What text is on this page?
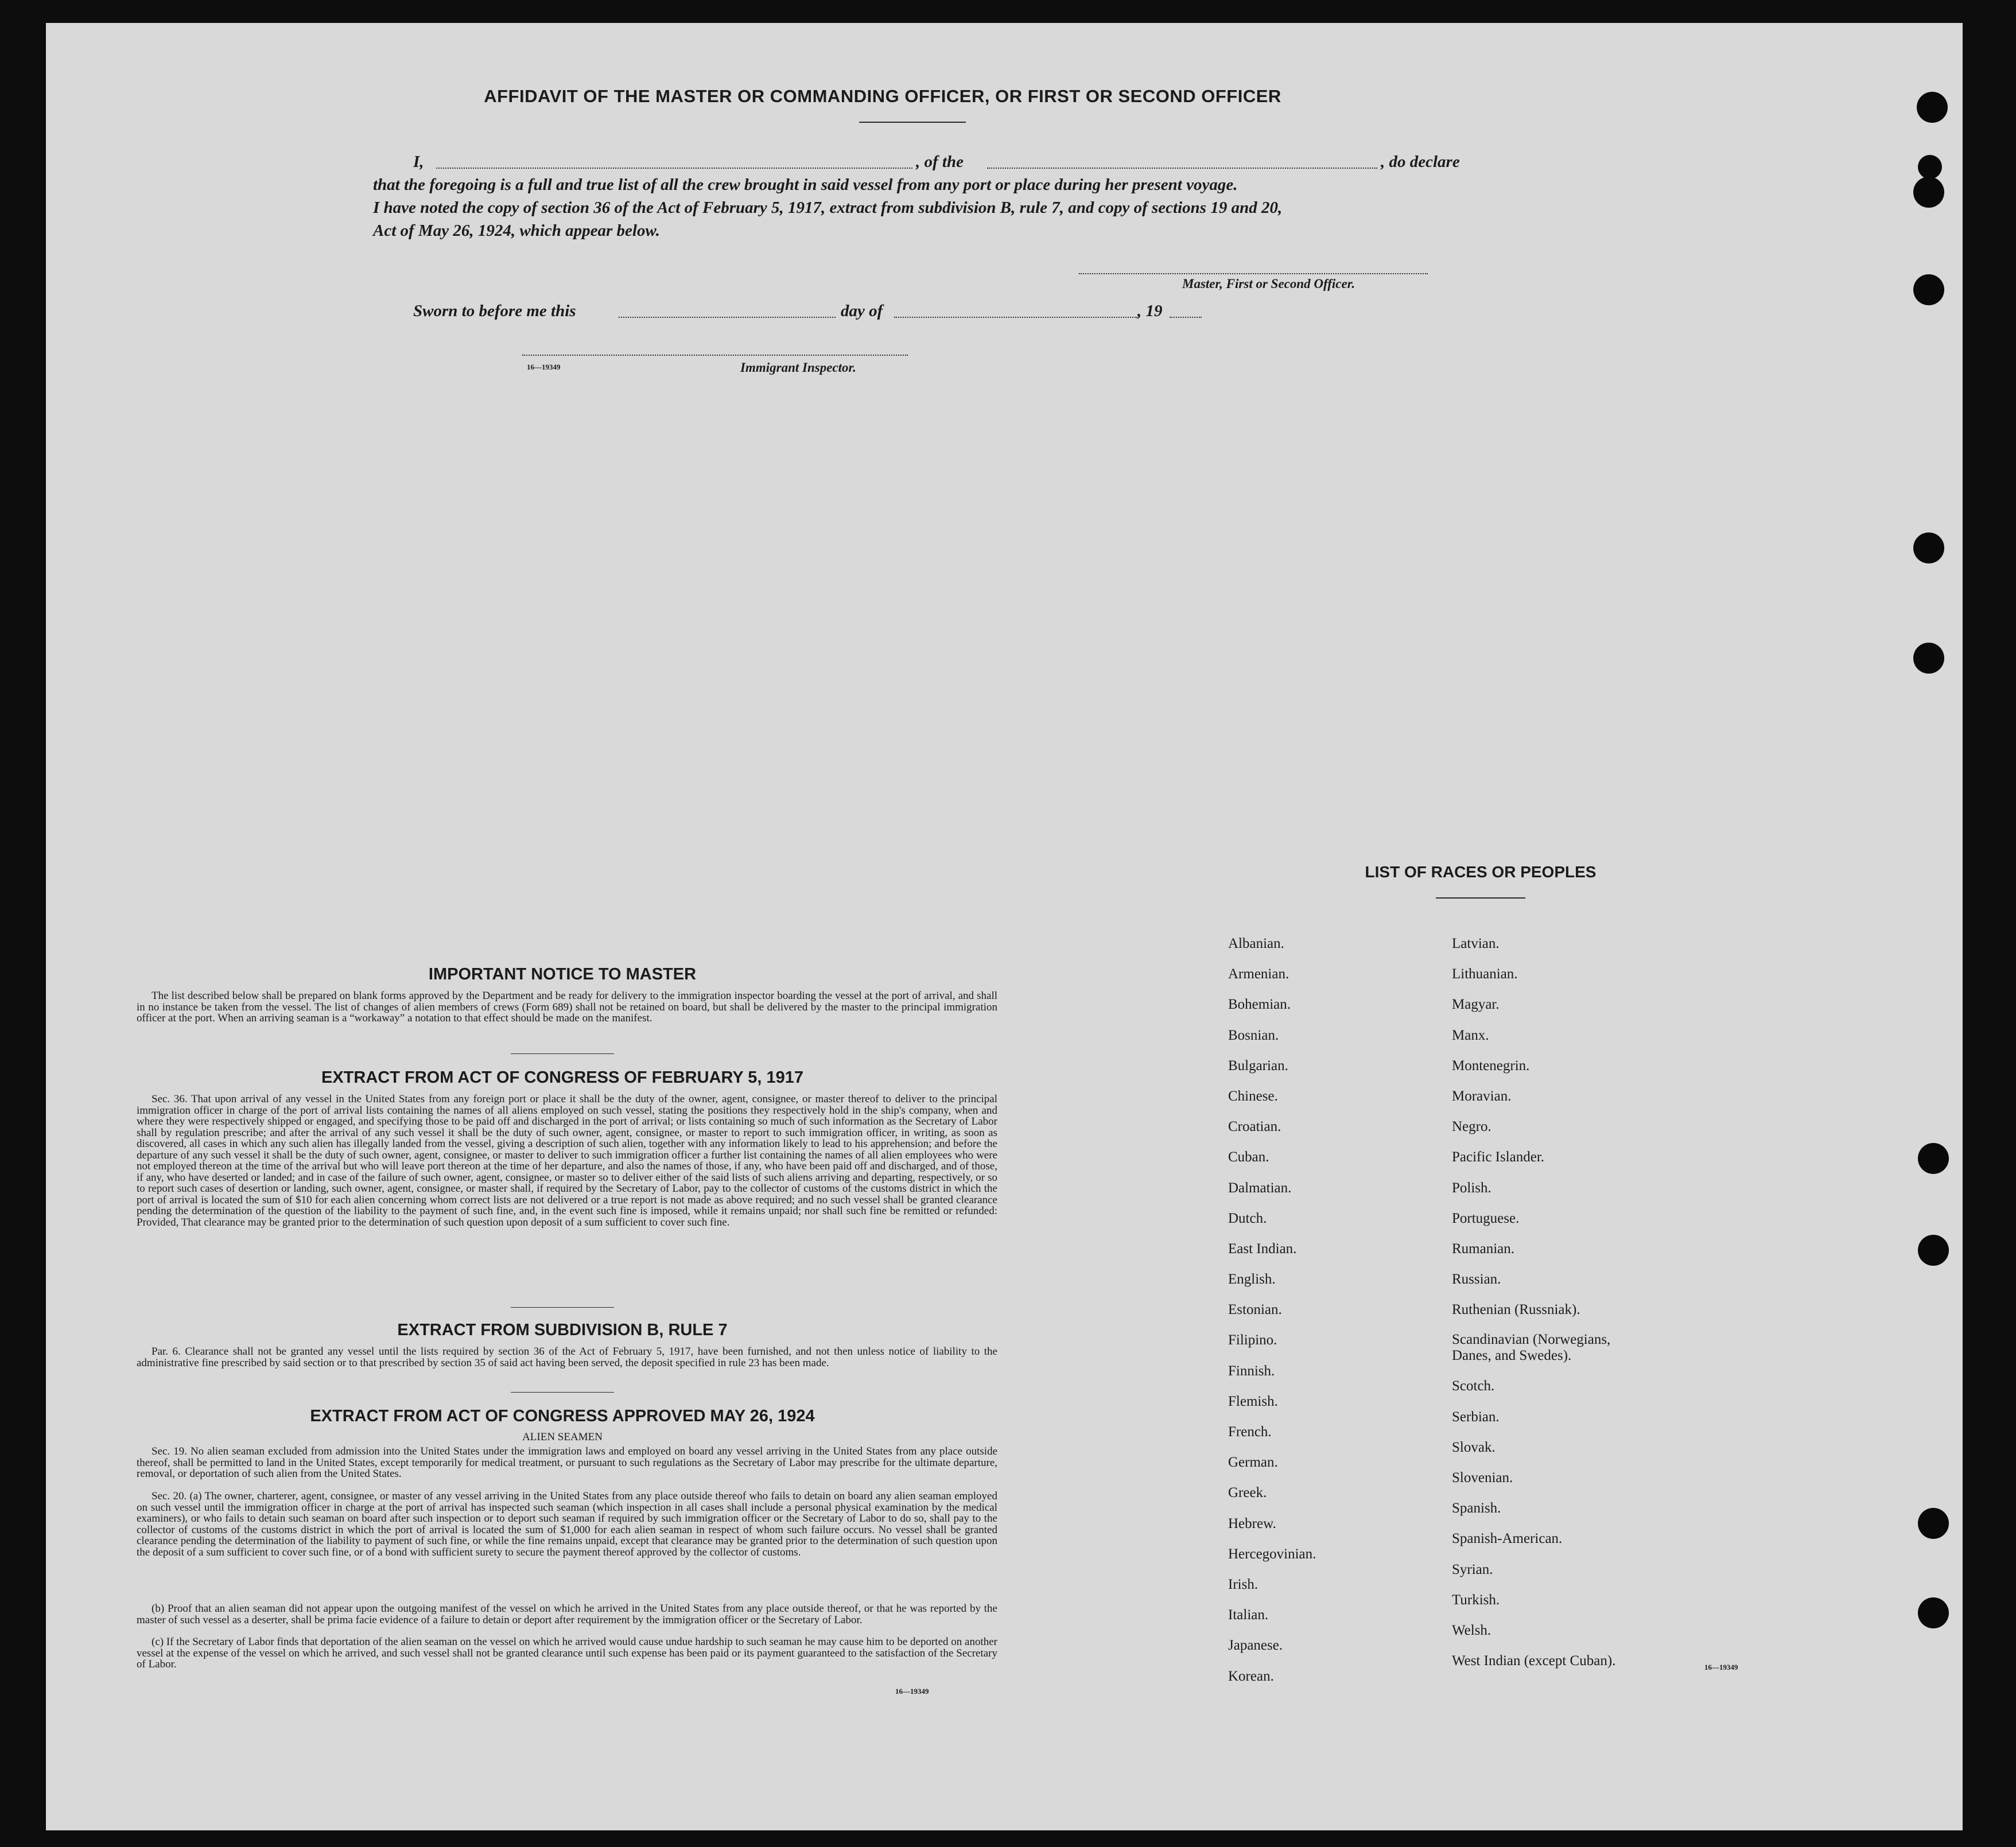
AFFIDAVIT OF THE MASTER OR COMMANDING OFFICER, OR FIRST OR SECOND OFFICER
I,	, of the	, do declare
that the foregoing is a full and true list of all the crew brought in said vessel from any port or place during her present voyage.
I have noted the copy of section 36 of the Act of February 5, 1917, extract from subdivision B, rule 7, and copy of sections 19 and 20,
Act of May 26, 1924, which appear below.
Master, First or Second Officer.
Sworn to before me this	day of	, 19
16—19349	Immigrant Inspector.
IMPORTANT NOTICE TO MASTER
The list described below shall be prepared on blank forms approved by the Department and be ready for delivery to the immigration inspector boarding the vessel at the port of arrival, and shall in no instance be taken from the vessel. The list of changes of alien members of crews (Form 689) shall not be retained on board, but shall be delivered by the master to the principal immigration officer at the port. When an arriving seaman is a “workaway” a notation to that effect should be made on the manifest.
EXTRACT FROM ACT OF CONGRESS OF FEBRUARY 5, 1917
Sec. 36. That upon arrival of any vessel in the United States from any foreign port or place it shall be the duty of the owner, agent, consignee, or master thereof to deliver to the principal immigration officer in charge of the port of arrival lists containing the names of all aliens employed on such vessel, stating the positions they respectively hold in the ship's company, when and where they were respectively shipped or engaged, and specifying those to be paid off and discharged in the port of arrival; or lists containing so much of such information as the Secretary of Labor shall by regulation prescribe; and after the arrival of any such vessel it shall be the duty of such owner, agent, consignee, or master to report to such immigration officer, in writing, as soon as discovered, all cases in which any such alien has illegally landed from the vessel, giving a description of such alien, together with any information likely to lead to his apprehension; and before the departure of any such vessel it shall be the duty of such owner, agent, consignee, or master to deliver to such immigration officer a further list containing the names of all alien employees who were not employed thereon at the time of the arrival but who will leave port thereon at the time of her departure, and also the names of those, if any, who have been paid off and discharged, and of those, if any, who have deserted or landed; and in case of the failure of such owner, agent, consignee, or master so to deliver either of the said lists of such aliens arriving and departing, respectively, or so to report such cases of desertion or landing, such owner, agent, consignee, or master shall, if required by the Secretary of Labor, pay to the collector of customs of the customs district in which the port of arrival is located the sum of $10 for each alien concerning whom correct lists are not delivered or a true report is not made as above required; and no such vessel shall be granted clearance pending the determination of the question of the liability to the payment of such fine, and, in the event such fine is imposed, while it remains unpaid; nor shall such fine be remitted or refunded: Provided, That clearance may be granted prior to the determination of such question upon deposit of a sum sufficient to cover such fine.
EXTRACT FROM SUBDIVISION B, RULE 7
Par. 6. Clearance shall not be granted any vessel until the lists required by section 36 of the Act of February 5, 1917, have been furnished, and not then unless notice of liability to the administrative fine prescribed by said section or to that prescribed by section 35 of said act having been served, the deposit specified in rule 23 has been made.
EXTRACT FROM ACT OF CONGRESS APPROVED MAY 26, 1924
ALIEN SEAMEN
Sec. 19. No alien seaman excluded from admission into the United States under the immigration laws and employed on board any vessel arriving in the United States from any place outside thereof, shall be permitted to land in the United States, except temporarily for medical treatment, or pursuant to such regulations as the Secretary of Labor may prescribe for the ultimate departure, removal, or deportation of such alien from the United States.
Sec. 20. (a) The owner, charterer, agent, consignee, or master of any vessel arriving in the United States from any place outside thereof who fails to detain on board any alien seaman employed on such vessel until the immigration officer in charge at the port of arrival has inspected such seaman (which inspection in all cases shall include a personal physical examination by the medical examiners), or who fails to detain such seaman on board after such inspection or to deport such seaman if required by such immigration officer or the Secretary of Labor to do so, shall pay to the collector of customs of the customs district in which the port of arrival is located the sum of $1,000 for each alien seaman in respect of whom such failure occurs. No vessel shall be granted clearance pending the determination of the liability to payment of such fine, or while the fine remains unpaid, except that clearance may be granted prior to the determination of such question upon the deposit of a sum sufficient to cover such fine, or of a bond with sufficient surety to secure the payment thereof approved by the collector of customs.
(b) Proof that an alien seaman did not appear upon the outgoing manifest of the vessel on which he arrived in the United States from any place outside thereof, or that he was reported by the master of such vessel as a deserter, shall be prima facie evidence of a failure to detain or deport after requirement by the immigration officer or the Secretary of Labor.
(c) If the Secretary of Labor finds that deportation of the alien seaman on the vessel on which he arrived would cause undue hardship to such seaman he may cause him to be deported on another vessel at the expense of the vessel on which he arrived, and such vessel shall not be granted clearance until such expense has been paid or its payment guaranteed to the satisfaction of the Secretary of Labor.
16—19349
LIST OF RACES OR PEOPLES
Albanian.
Armenian.
Bohemian.
Bosnian.
Bulgarian.
Chinese.
Croatian.
Cuban.
Dalmatian.
Dutch.
East Indian.
English.
Estonian.
Filipino.
Finnish.
Flemish.
French.
German.
Greek.
Hebrew.
Hercegovinian.
Irish.
Italian.
Japanese.
Korean.
Latvian.
Lithuanian.
Magyar.
Manx.
Montenegrin.
Moravian.
Negro.
Pacific Islander.
Polish.
Portuguese.
Rumanian.
Russian.
Ruthenian (Russniak).
Scandinavian (Norwegians,
Danes, and Swedes).
Scotch.
Serbian.
Slovak.
Slovenian.
Spanish.
Spanish-American.
Syrian.
Turkish.
Welsh.
West Indian (except Cuban).	16—19349
